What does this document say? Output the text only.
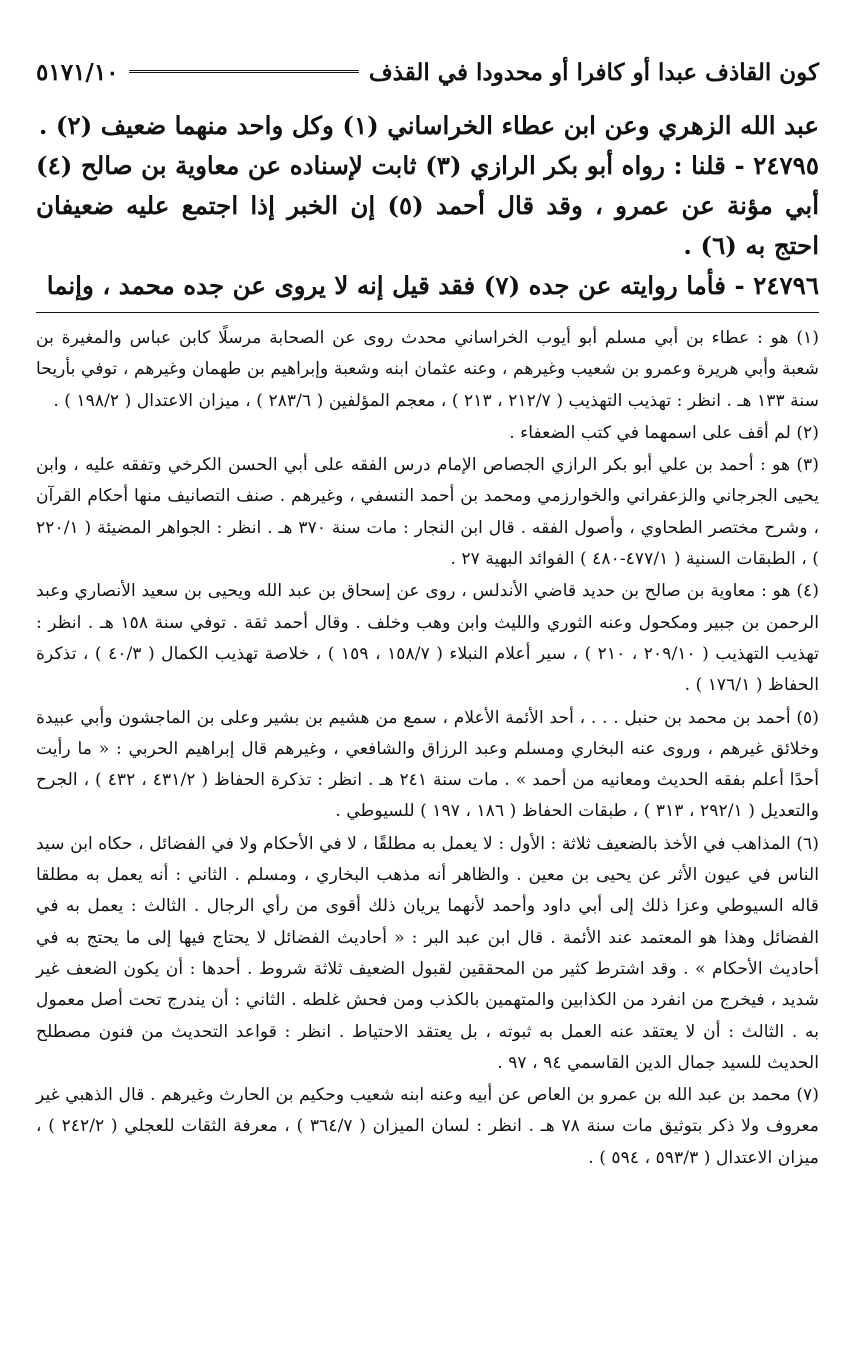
كون القاذف عبدا أو كافرا أو محدودا في القذف
٥١٧١/١٠

عبد الله الزهري وعن ابن عطاء الخراساني (١) وكل واحد منهما ضعيف (٢) .

٢٤٧٩٥ - قلنا : رواه أبو بكر الرازي (٣) ثابت لإسناده عن معاوية بن صالح (٤) أبي مؤنة عن عمرو ، وقد قال أحمد (٥) إن الخبر إذا اجتمع عليه ضعيفان احتج به (٦) .

٢٤٧٩٦ - فأما روايته عن جده (٧) فقد قيل إنه لا يروى عن جده محمد ، وإنما

(١) هو : عطاء بن أبي مسلم أبو أيوب الخراساني محدث روى عن الصحابة مرسلًا كابن عباس والمغيرة بن شعبة وأبي هريرة وعمرو بن شعيب وغيرهم ، وعنه عثمان ابنه وشعبة وإبراهيم بن طهمان وغيرهم ، توفي بأريحا سنة ١٣٣ هـ . انظر : تهذيب التهذيب ( ٢١٢/٧ ، ٢١٣ ) ، معجم المؤلفين ( ٢٨٣/٦ ) ، ميزان الاعتدال ( ١٩٨/٢ ) .

(٢) لم أقف على اسمهما في كتب الضعفاء .

(٣) هو : أحمد بن علي أبو بكر الرازي الجصاص الإمام درس الفقه على أبي الحسن الكرخي وتفقه عليه ، وابن يحيى الجرجاني والزعفراني والخوارزمي ومحمد بن أحمد النسفي ، وغيرهم . صنف التصانيف منها أحكام القرآن ، وشرح مختصر الطحاوي ، وأصول الفقه . قال ابن النجار : مات سنة ٣٧٠ هـ . انظر : الجواهر المضيئة ( ٢٢٠/١ ) ، الطبقات السنية ( ٤٧٧/١-٤٨٠ ) الفوائد البهية ٢٧ .

(٤) هو : معاوية بن صالح بن حديد قاضي الأندلس ، روى عن إسحاق بن عبد الله ويحيى بن سعيد الأنصاري وعبد الرحمن بن جبير ومكحول وعنه الثوري والليث وابن وهب وخلف . وقال أحمد ثقة . توفي سنة ١٥٨ هـ . انظر : تهذيب التهذيب ( ٢٠٩/١٠ ، ٢١٠ ) ، سير أعلام النبلاء ( ١٥٨/٧ ، ١٥٩ ) ، خلاصة تهذيب الكمال ( ٤٠/٣ ) ، تذكرة الحفاظ ( ١٧٦/١ ) .

(٥) أحمد بن محمد بن حنبل . . . ، أحد الأئمة الأعلام ، سمع من هشيم بن بشير وعلى بن الماجشون وأبي عبيدة وخلائق غيرهم ، وروى عنه البخاري ومسلم وعبد الرزاق والشافعي ، وغيرهم قال إبراهيم الحربي : « ما رأيت أحدًا أعلم بفقه الحديث ومعانيه من أحمد » . مات سنة ٢٤١ هـ . انظر : تذكرة الحفاظ ( ٤٣١/٢ ، ٤٣٢ ) ، الجرح والتعديل ( ٢٩٢/١ ، ٣١٣ ) ، طبقات الحفاظ ( ١٨٦ ، ١٩٧ ) للسيوطي .

(٦) المذاهب في الأخذ بالضعيف ثلاثة : الأول : لا يعمل به مطلقًا ، لا في الأحكام ولا في الفضائل ، حكاه ابن سيد الناس في عيون الأثر عن يحيى بن معين . والظاهر أنه مذهب البخاري ، ومسلم . الثاني : أنه يعمل به مطلقا قاله السيوطي وعزا ذلك إلى أبي داود وأحمد لأنهما يريان ذلك أقوى من رأي الرجال . الثالث : يعمل به في الفضائل وهذا هو المعتمد عند الأئمة . قال ابن عبد البر : « أحاديث الفضائل لا يحتاج فيها إلى ما يحتج به في أحاديث الأحكام » . وقد اشترط كثير من المحققين لقبول الضعيف ثلاثة شروط . أحدها : أن يكون الضعف غير شديد ، فيخرج من انفرد من الكذابين والمتهمين بالكذب ومن فحش غلطه . الثاني : أن يندرج تحت أصل معمول به . الثالث : أن لا يعتقد عنه العمل به ثبوته ، بل يعتقد الاحتياط . انظر : قواعد التحديث من فنون مصطلح الحديث للسيد جمال الدين القاسمي ٩٤ ، ٩٧ .

(٧) محمد بن عبد الله بن عمرو بن العاص عن أبيه وعنه ابنه شعيب وحكيم بن الحارث وغيرهم . قال الذهبي غير معروف ولا ذكر بتوثيق مات سنة ٧٨ هـ . انظر : لسان الميزان ( ٣٦٤/٧ ) ، معرفة الثقات للعجلي ( ٢٤٢/٢ ) ، ميزان الاعتدال ( ٥٩٣/٣ ، ٥٩٤ ) .
